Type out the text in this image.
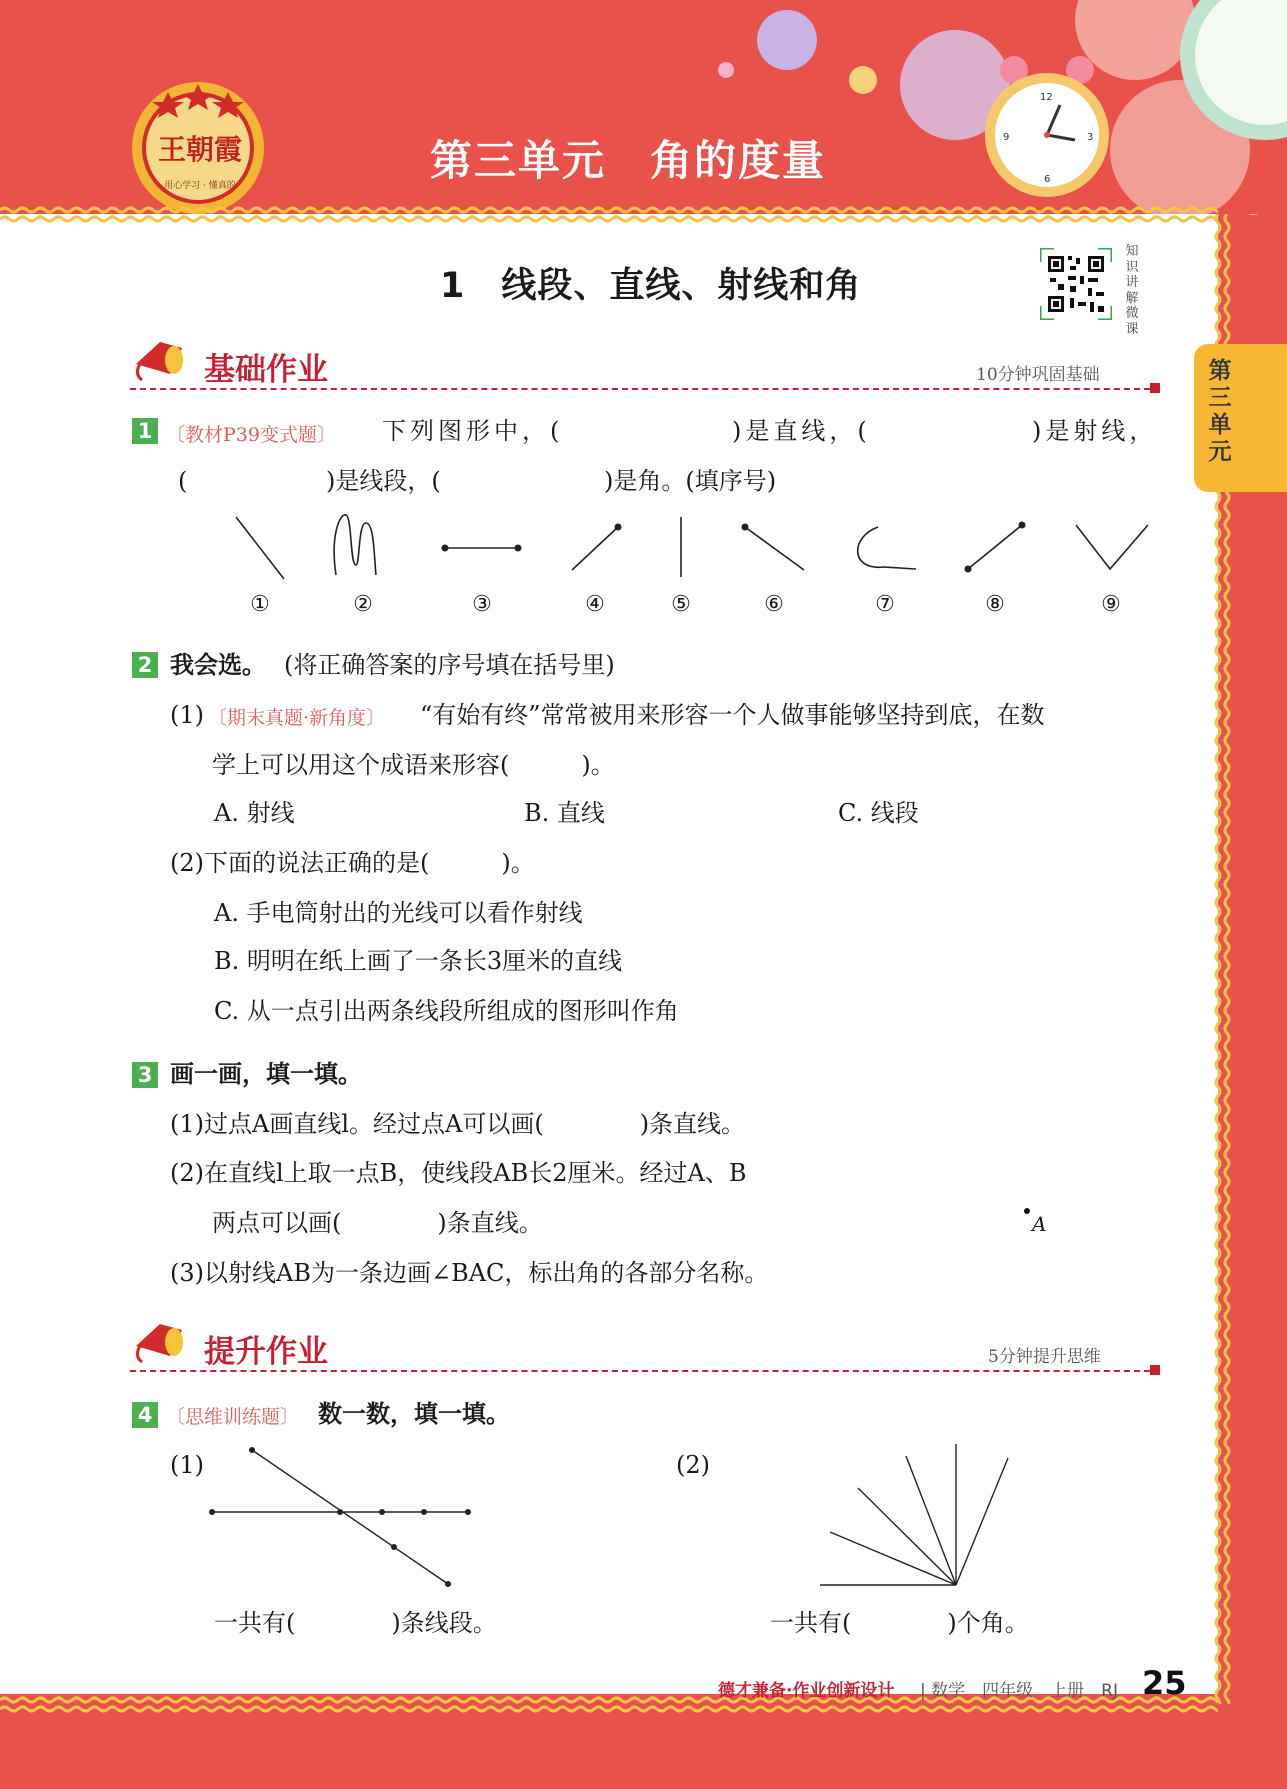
12
3
6
9
王朝霞
用心学习 · 懂真的
第三单元　角的度量
第三单元
1　线段、直线、射线和角
知识讲解微课
基础作业	10分钟巩固基础
1 〔教材P39变式题〕 下列图形中，(	)是直线，(	)是射线，
(	)是线段，(	)是角。(填序号)
①	②	③	④	⑤	⑥	⑦	⑧	⑨
2 我会选。 (将正确答案的序号填在括号里)
(1) 〔期末真题·新角度〕 “有始有终”常常被用来形容一个人做事能够坚持到底，在数
学上可以用这个成语来形容(　　　)。
A. 射线	B. 直线	C. 线段
(2)下面的说法正确的是(　　　)。
A. 手电筒射出的光线可以看作射线
B. 明明在纸上画了一条长3厘米的直线
C. 从一点引出两条线段所组成的图形叫作角
3 画一画，填一填。
(1)过点A画直线l。经过点A可以画(　　　　)条直线。
(2)在直线l上取一点B，使线段AB长2厘米。经过A、B
两点可以画(　　　　)条直线。
(3)以射线AB为一条边画∠BAC，标出角的各部分名称。
A
提升作业	5分钟提升思维
4 〔思维训练题〕 数一数，填一填。
(1)	(2)
一共有(　　　　)条线段。	一共有(　　　　)个角。
德才兼备·作业创新设计 | 数学　四年级　上册　RJ 25
